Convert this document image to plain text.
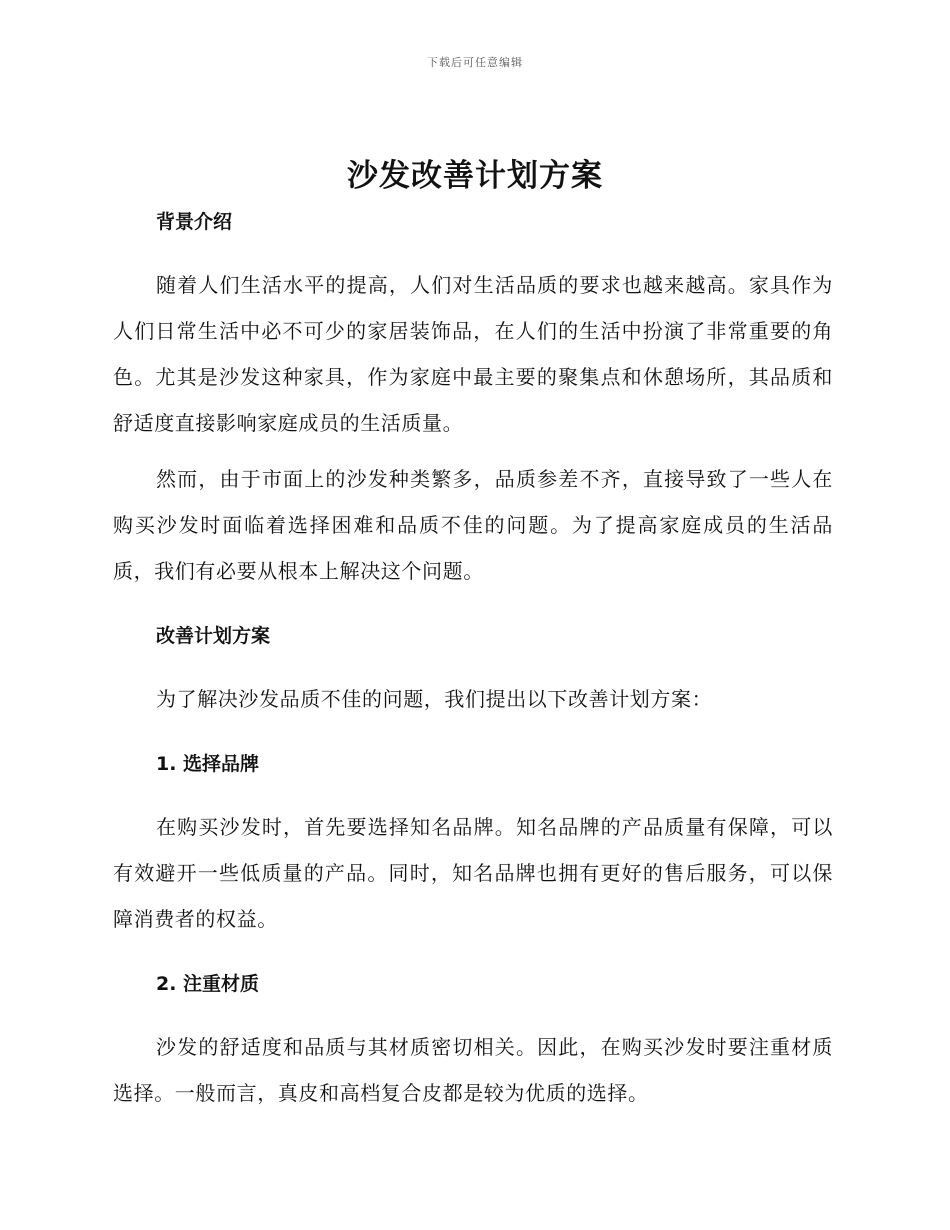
下载后可任意编辑
沙发改善计划方案
背景介绍

随着人们生活水平的提高，人们对生活品质的要求也越来越高。家具作为人们日常生活中必不可少的家居装饰品，在人们的生活中扮演了非常重要的角色。尤其是沙发这种家具，作为家庭中最主要的聚集点和休憩场所，其品质和舒适度直接影响家庭成员的生活质量。

然而，由于市面上的沙发种类繁多，品质参差不齐，直接导致了一些人在购买沙发时面临着选择困难和品质不佳的问题。为了提高家庭成员的生活品质，我们有必要从根本上解决这个问题。

改善计划方案

为了解决沙发品质不佳的问题，我们提出以下改善计划方案：

1. 选择品牌

在购买沙发时，首先要选择知名品牌。知名品牌的产品质量有保障，可以有效避开一些低质量的产品。同时，知名品牌也拥有更好的售后服务，可以保障消费者的权益。

2. 注重材质

沙发的舒适度和品质与其材质密切相关。因此，在购买沙发时要注重材质选择。一般而言，真皮和高档复合皮都是较为优质的选择。
